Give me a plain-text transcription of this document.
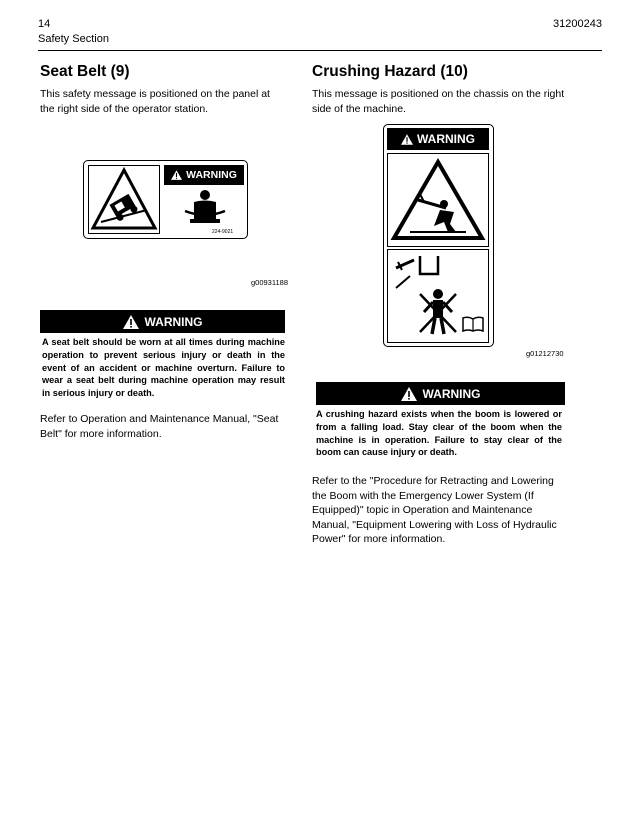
14
Safety Section
31200243
Seat Belt (9)
This safety message is positioned on the panel at the right side of the operator station.
WARNING
224-9021
g00931188
WARNING
A seat belt should be worn at all times during machine operation to prevent serious injury or death in the event of an accident or machine overturn. Failure to wear a seat belt during machine operation may result in serious injury or death.
Refer to Operation and Maintenance Manual, "Seat Belt" for more information.
Crushing Hazard (10)
This message is positioned on the chassis on the right side of the machine.
WARNING
g01212730
WARNING
A crushing hazard exists when the boom is lowered or from a falling load. Stay clear of the boom when the machine is in operation. Failure to stay clear of the boom can cause injury or death.
Refer to the "Procedure for Retracting and Lowering the Boom with the Emergency Lower System (If Equipped)" topic in Operation and Maintenance Manual, "Equipment Lowering with Loss of Hydraulic Power" for more information.
